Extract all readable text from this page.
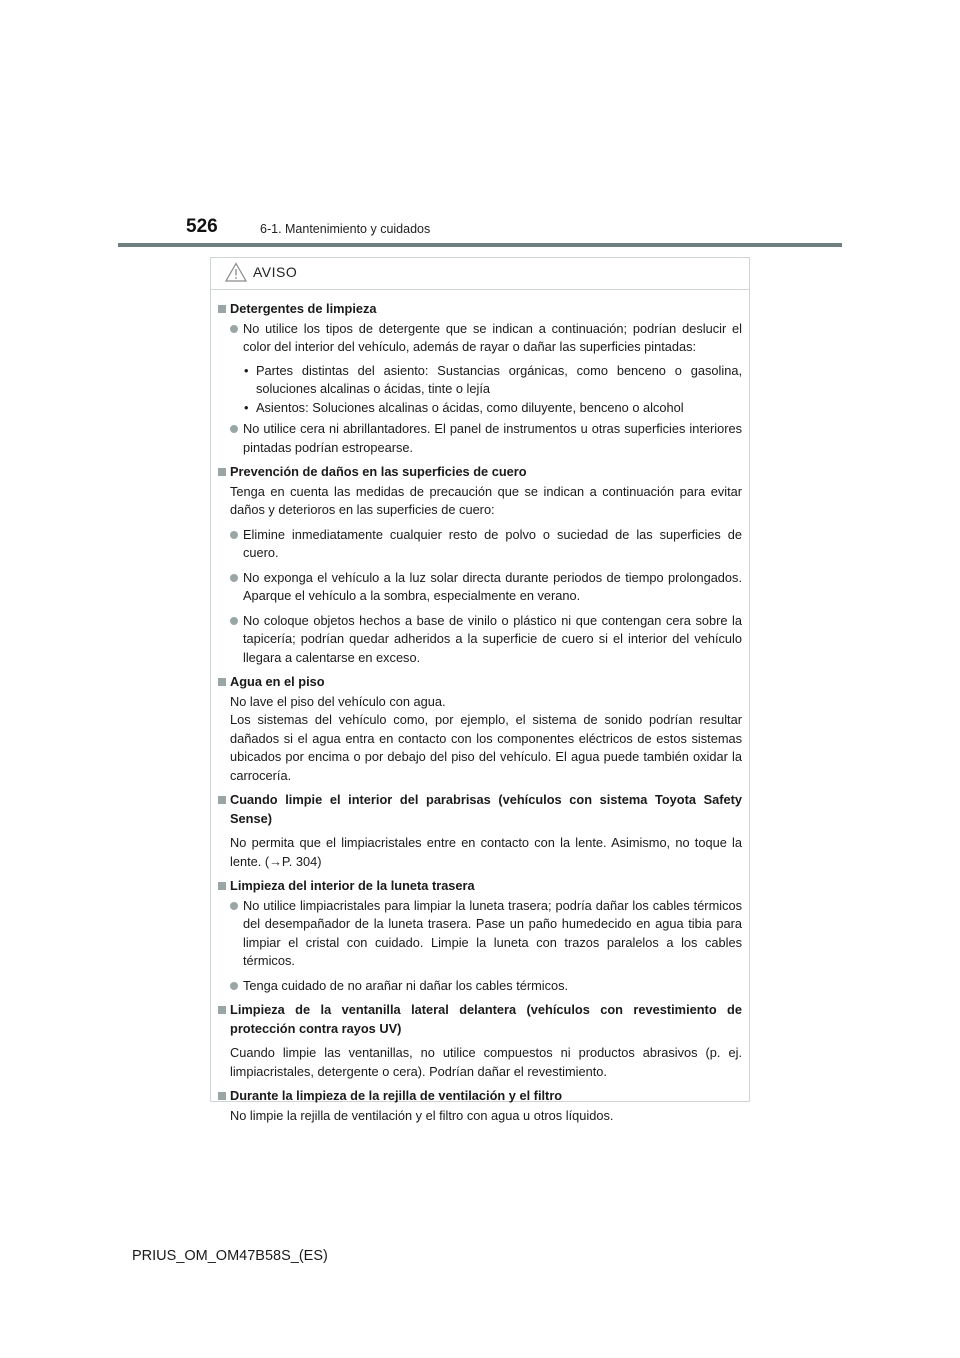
526	6-1. Mantenimiento y cuidados
AVISO
Detergentes de limpieza
No utilice los tipos de detergente que se indican a continuación; podrían deslucir el color del interior del vehículo, además de rayar o dañar las superficies pintadas:
• Partes distintas del asiento: Sustancias orgánicas, como benceno o gasolina, soluciones alcalinas o ácidas, tinte o lejía
• Asientos: Soluciones alcalinas o ácidas, como diluyente, benceno o alcohol
No utilice cera ni abrillantadores. El panel de instrumentos u otras superficies interiores pintadas podrían estropearse.
Prevención de daños en las superficies de cuero
Tenga en cuenta las medidas de precaución que se indican a continuación para evitar daños y deterioros en las superficies de cuero:
Elimine inmediatamente cualquier resto de polvo o suciedad de las superficies de cuero.
No exponga el vehículo a la luz solar directa durante periodos de tiempo prolongados. Aparque el vehículo a la sombra, especialmente en verano.
No coloque objetos hechos a base de vinilo o plástico ni que contengan cera sobre la tapicería; podrían quedar adheridos a la superficie de cuero si el interior del vehículo llegara a calentarse en exceso.
Agua en el piso
No lave el piso del vehículo con agua.
Los sistemas del vehículo como, por ejemplo, el sistema de sonido podrían resultar dañados si el agua entra en contacto con los componentes eléctricos de estos sistemas ubicados por encima o por debajo del piso del vehículo. El agua puede también oxidar la carrocería.
Cuando limpie el interior del parabrisas (vehículos con sistema Toyota Safety Sense)
No permita que el limpiacristales entre en contacto con la lente. Asimismo, no toque la lente. (→P. 304)
Limpieza del interior de la luneta trasera
No utilice limpiacristales para limpiar la luneta trasera; podría dañar los cables térmicos del desempañador de la luneta trasera. Pase un paño humedecido en agua tibia para limpiar el cristal con cuidado. Limpie la luneta con trazos paralelos a los cables térmicos.
Tenga cuidado de no arañar ni dañar los cables térmicos.
Limpieza de la ventanilla lateral delantera (vehículos con revestimiento de protección contra rayos UV)
Cuando limpie las ventanillas, no utilice compuestos ni productos abrasivos (p. ej. limpiacristales, detergente o cera). Podrían dañar el revestimiento.
Durante la limpieza de la rejilla de ventilación y el filtro
No limpie la rejilla de ventilación y el filtro con agua u otros líquidos.
PRIUS_OM_OM47B58S_(ES)
